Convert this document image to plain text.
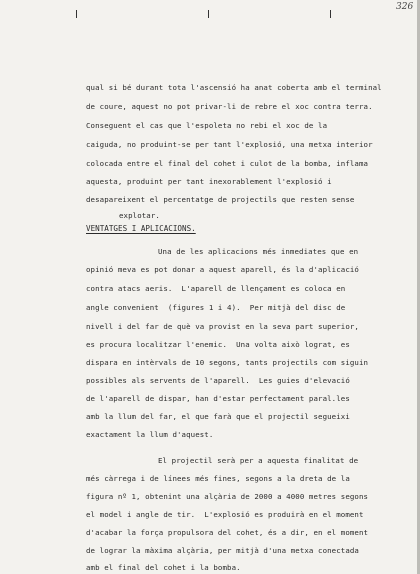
326
qual si bé durant tota l'ascensió ha anat coberta amb el terminal
de coure, aquest no pot privar-li de rebre el xoc contra terra.
Conseguent el cas que l'espoleta no rebi el xoc de la
caiguda, no produint-se per tant l'explosió, una metxa interior
colocada entre el final del cohet i culot de la bomba, inflama
aquesta, produint per tant inexorablement l'explosió i
desapareixent el percentatge de projectils que resten sense
explotar.
VENTATGES I APLICACIONS.
Una de les aplicacions més inmediates que en
opinió meva es pot donar a aquest aparell, és la d'aplicació
contra atacs aeris.  L'aparell de llençament es coloca en
angle convenient  (figures 1 i 4).  Per mitjà del disc de
nivell i del far de què va provist en la seva part superior,
es procura localitzar l'enemic.  Una volta això lograt, es
dispara en intèrvals de 10 segons, tants projectils com siguin
possibles als servents de l'aparell.  Les guies d'elevació
de l'aparell de dispar, han d'estar perfectament paral.les
amb la llum del far, el que farà que el projectil segueixi
exactament la llum d'aquest.
El projectil serà per a aquesta finalitat de
més càrrega i de línees més fines, segons a la dreta de la
figura nº 1, obtenint una alçària de 2000 a 4000 metres segons
el model i angle de tir.  L'explosió es produirà en el moment
d'acabar la força propulsora del cohet, és a dir, en el moment
de lograr la màxima alçària, per mitjà d'una metxa conectada
amb el final del cohet i la bomba.
